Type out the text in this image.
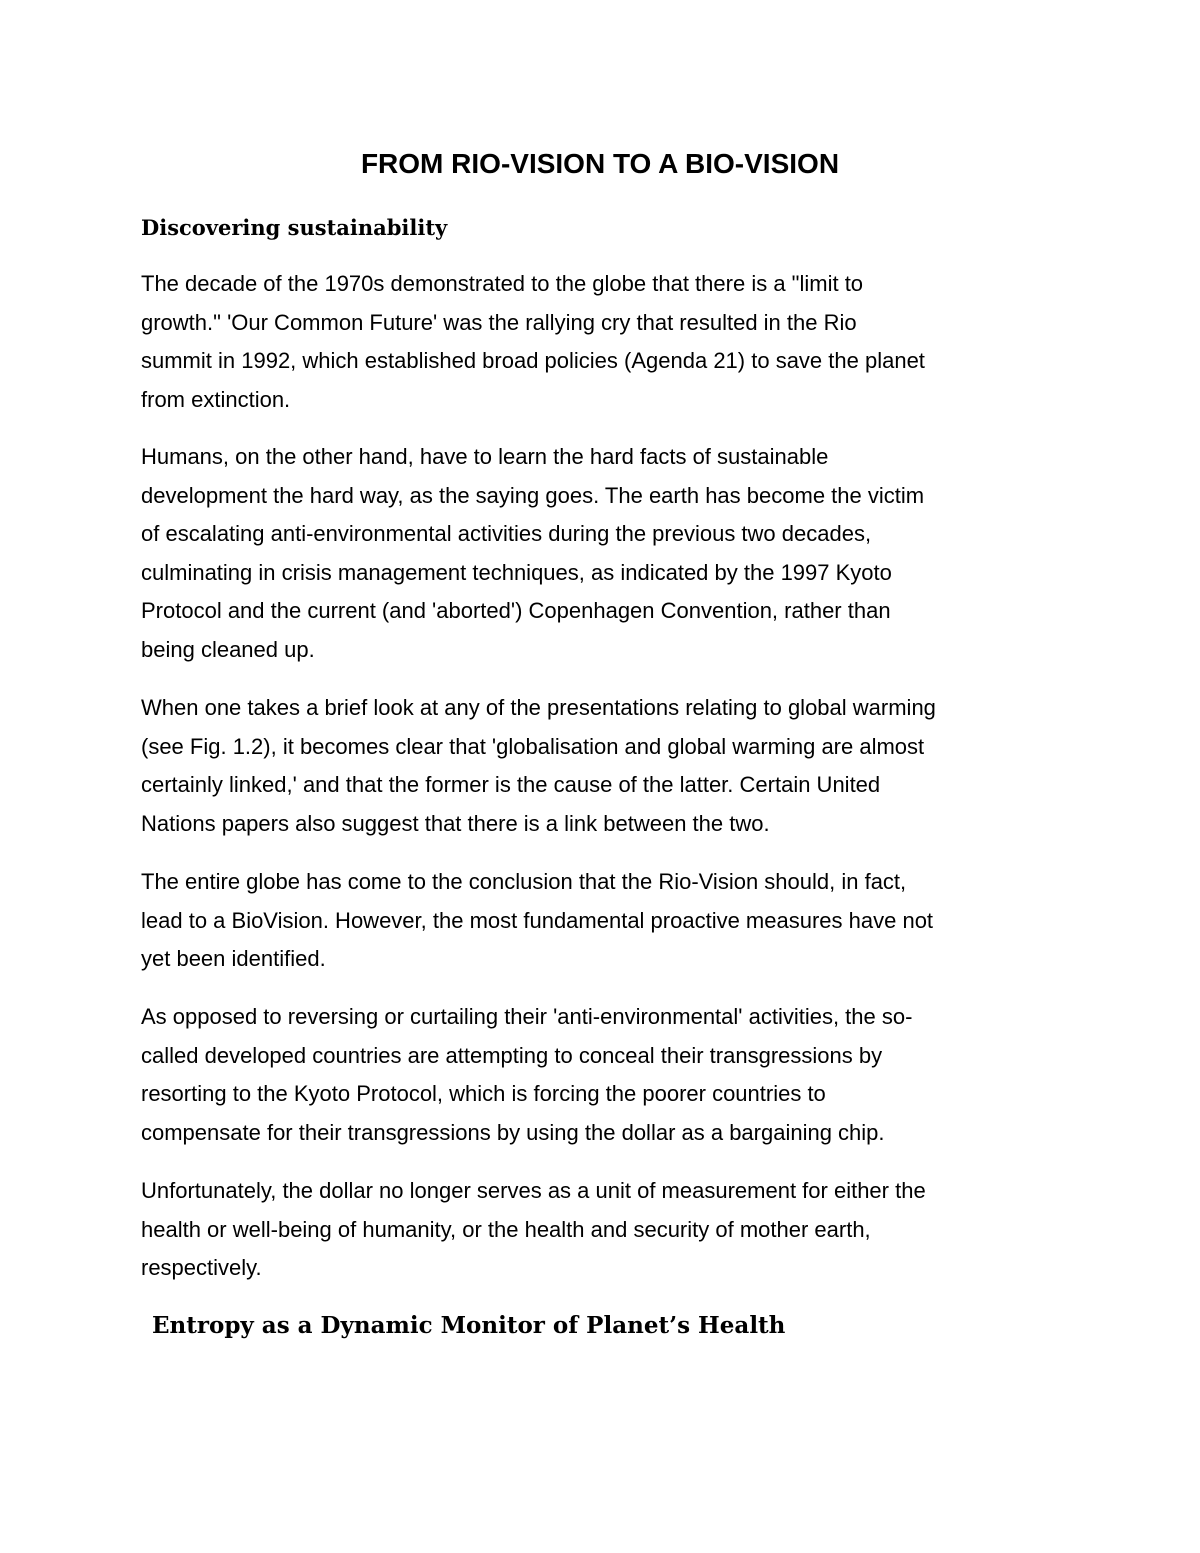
FROM RIO-VISION TO A BIO-VISION
Discovering sustainability

The decade of the 1970s demonstrated to the globe that there is a "limit to
growth." 'Our Common Future' was the rallying cry that resulted in the Rio
summit in 1992, which established broad policies (Agenda 21) to save the planet
from extinction.

Humans, on the other hand, have to learn the hard facts of sustainable
development the hard way, as the saying goes. The earth has become the victim
of escalating anti-environmental activities during the previous two decades,
culminating in crisis management techniques, as indicated by the 1997 Kyoto
Protocol and the current (and 'aborted') Copenhagen Convention, rather than
being cleaned up.

When one takes a brief look at any of the presentations relating to global warming
(see Fig. 1.2), it becomes clear that 'globalisation and global warming are almost
certainly linked,' and that the former is the cause of the latter. Certain United
Nations papers also suggest that there is a link between the two.

The entire globe has come to the conclusion that the Rio-Vision should, in fact,
lead to a BioVision. However, the most fundamental proactive measures have not
yet been identified.

As opposed to reversing or curtailing their 'anti-environmental' activities, the so-
called developed countries are attempting to conceal their transgressions by
resorting to the Kyoto Protocol, which is forcing the poorer countries to
compensate for their transgressions by using the dollar as a bargaining chip.

Unfortunately, the dollar no longer serves as a unit of measurement for either the
health or well-being of humanity, or the health and security of mother earth,
respectively.

Entropy as a Dynamic Monitor of Planet’s Health
